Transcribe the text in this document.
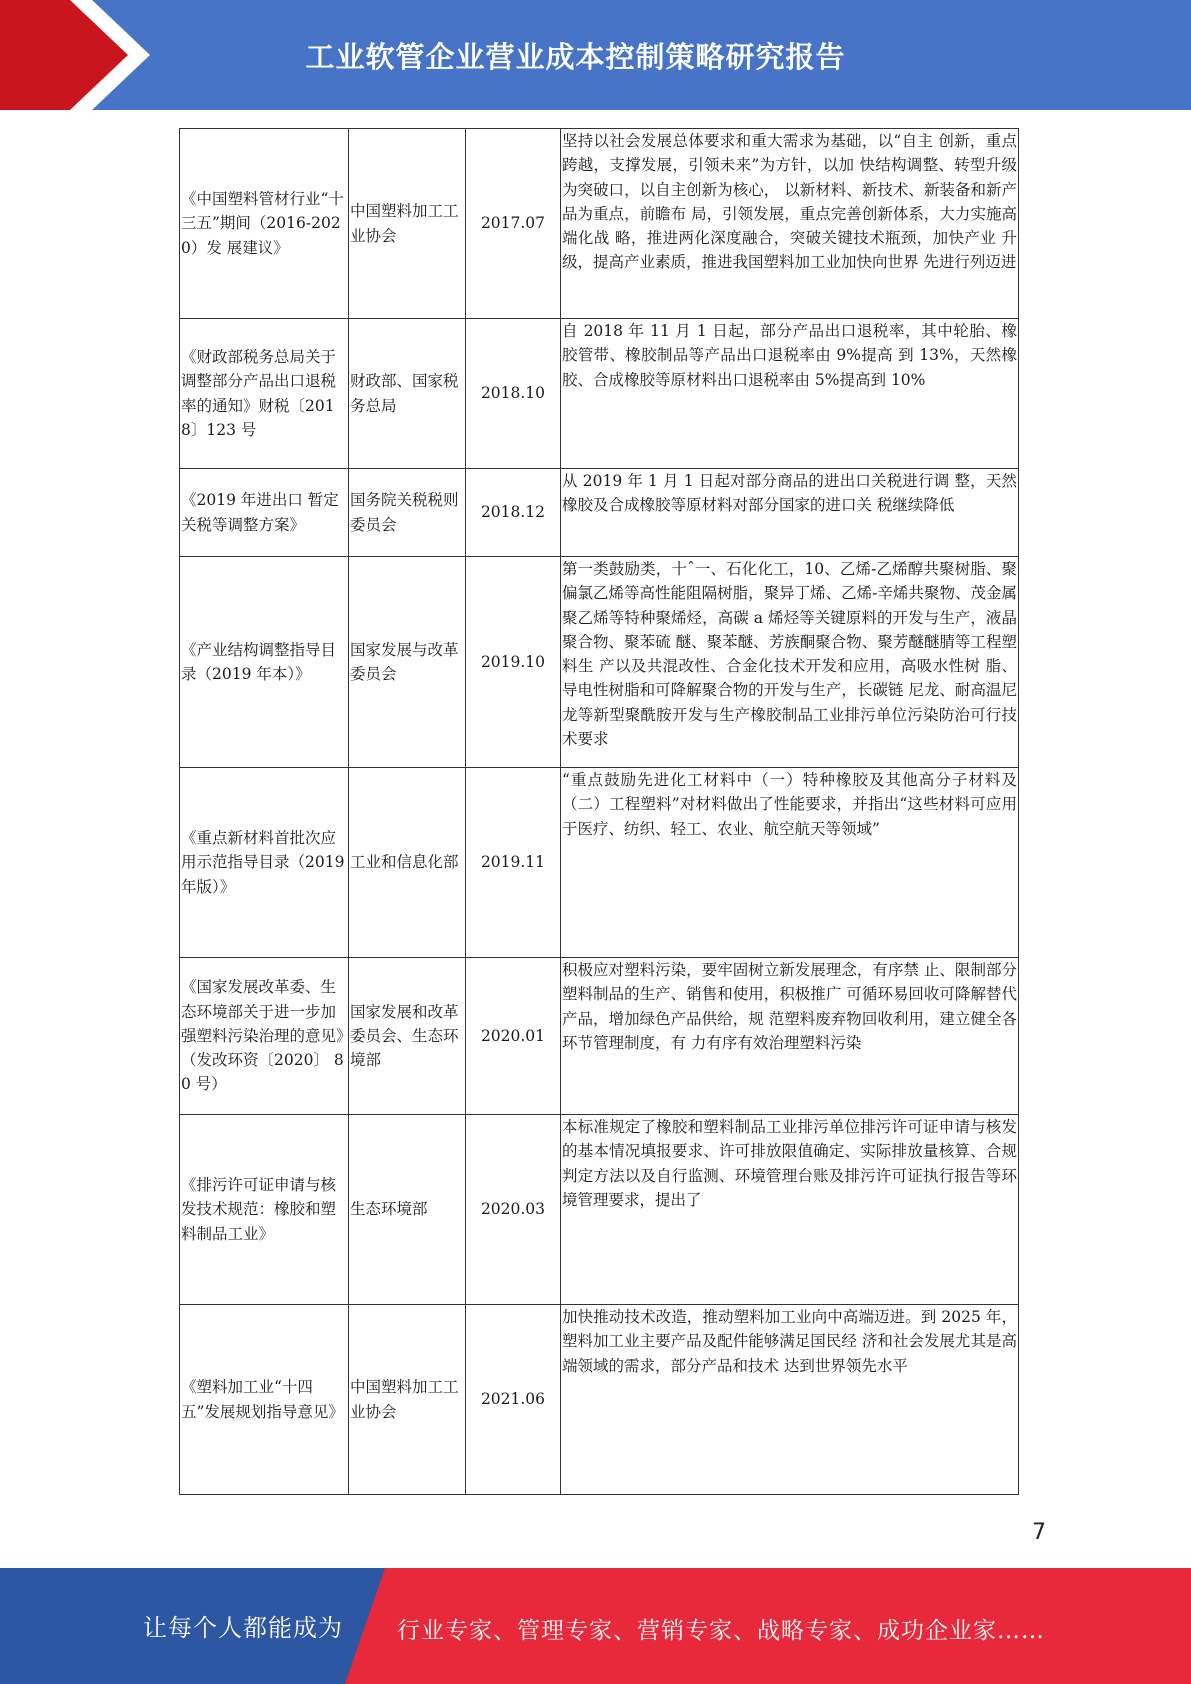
工业软管企业营业成本控制策略研究报告
《中国塑料管材行业“十三五”期间（2016-2020）发 展建议》	中国塑料加工工业协会	2017.07	坚持以社会发展总体要求和重大需求为基础，以“自主 创新，重点跨越，支撑发展，引领未来”为方针，以加 快结构调整、转型升级为突破口，以自主创新为核心， 以新材料、新技术、新装备和新产品为重点，前瞻布 局，引领发展，重点完善创新体系，大力实施高端化战 略，推进两化深度融合，突破关键技术瓶颈，加快产业 升级，提高产业素质，推进我国塑料加工业加快向世界 先进行列迈进
《财政部税务总局关于调整部分产品出口退税率的通知》财税〔2018〕123 号	财政部、国家税务总局	2018.10	自 2018 年 11 月 1 日起，部分产品出口退税率，其中轮胎、橡胶管带、橡胶制品等产品出口退税率由 9%提高 到 13%，天然橡胶、合成橡胶等原材料出口退税率由 5%提高到 10%
《2019 年进出口 暂定关税等调整方案》	国务院关税税则委员会	2018.12	从 2019 年 1 月 1 日起对部分商品的进出口关税进行调 整，天然橡胶及合成橡胶等原材料对部分国家的进口关 税继续降低
《产业结构调整指导目录（2019 年本）》	国家发展与改革委员会	2019.10	第一类鼓励类，十ˆ一、石化化工，10、乙烯-乙烯醇共聚树脂、聚偏氯乙烯等高性能阻隔树脂，聚异丁烯、乙烯-辛烯共聚物、茂金属聚乙烯等特种聚烯烃，高碳 a 烯烃等关键原料的开发与生产，液晶聚合物、聚苯硫 醚、聚苯醚、芳族酮聚合物、聚芳醚醚腈等工程塑料生 产以及共混改性、合金化技术开发和应用，高吸水性树 脂、导电性树脂和可降解聚合物的开发与生产，长碳链 尼龙、耐高温尼龙等新型聚酰胺开发与生产橡胶制品工业排污单位污染防治可行技术要求
《重点新材料首批次应用示范指导目录（2019 年版）》	工业和信息化部	2019.11	“重点鼓励先进化工材料中（一）特种橡胶及其他高分子材料及（二）工程塑料”对材料做出了性能要求，并指出“这些材料可应用于医疗、纺织、轻工、农业、航空航天等领域”
《国家发展改革委、生态环境部关于进一步加强塑料污染治理的意见》（发改环资〔2020〕 80 号）	国家发展和改革委员会、生态环境部	2020.01	积极应对塑料污染，要牢固树立新发展理念，有序禁 止、限制部分塑料制品的生产、销售和使用，积极推广 可循环易回收可降解替代产品，增加绿色产品供给，规 范塑料废弃物回收利用，建立健全各环节管理制度，有 力有序有效治理塑料污染
《排污许可证申请与核发技术规范：橡胶和塑料制品工业》	生态环境部	2020.03	本标准规定了橡胶和塑料制品工业排污单位排污许可证申请与核发的基本情况填报要求、许可排放限值确定、实际排放量核算、合规判定方法以及自行监测、环境管理台账及排污许可证执行报告等环境管理要求，提出了
《塑料加工业“十四五”发展规划指导意见》	中国塑料加工工业协会	2021.06	加快推动技术改造，推动塑料加工业向中高端迈进。到 2025 年，塑料加工业主要产品及配件能够满足国民经 济和社会发展尤其是高端领域的需求，部分产品和技术 达到世界领先水平
7
让每个人都能成为 行业专家、管理专家、营销专家、战略专家、成功企业家……
